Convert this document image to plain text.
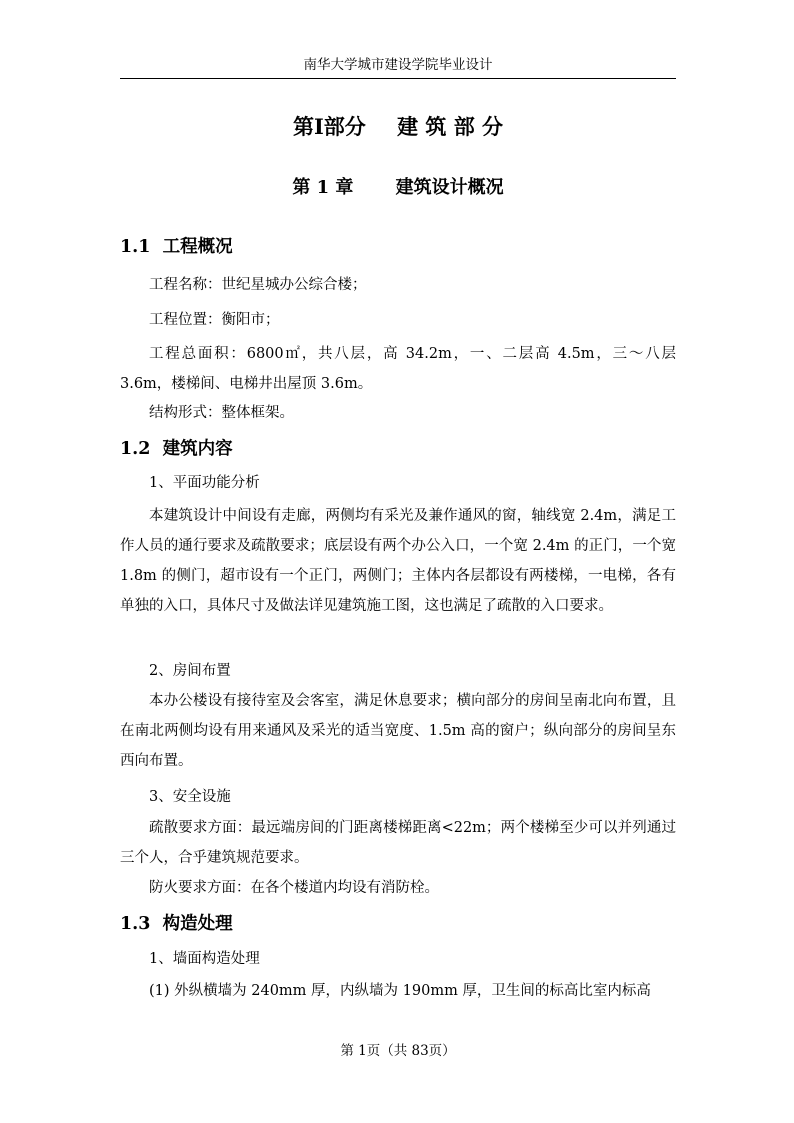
南华大学城市建设学院毕业设计
第Ⅰ部分 建 筑 部 分
第 1 章 建筑设计概况
1.1 工程概况
工程名称：世纪星城办公综合楼；
工程位置：衡阳市；

工程总面积：6800㎡，共八层，高 34.2m，一、二层高 4.5m，三～八层 3.6m，楼梯间、电梯井出屋顶 3.6m。

结构形式：整体框架。
1.2 建筑内容
1、平面功能分析

本建筑设计中间设有走廊，两侧均有采光及兼作通风的窗，轴线宽 2.4m，满足工作人员的通行要求及疏散要求；底层设有两个办公入口，一个宽 2.4m 的正门，一个宽 1.8m 的侧门，超市设有一个正门，两侧门；主体内各层都设有两楼梯，一电梯，各有单独的入口，具体尺寸及做法详见建筑施工图，这也满足了疏散的入口要求。

2、房间布置

本办公楼设有接待室及会客室，满足休息要求；横向部分的房间呈南北向布置，且在南北两侧均设有用来通风及采光的适当宽度、1.5m 高的窗户；纵向部分的房间呈东西向布置。

3、安全设施

疏散要求方面：最远端房间的门距离楼梯距离<22m；两个楼梯至少可以并列通过三个人，合乎建筑规范要求。

防火要求方面：在各个楼道内均设有消防栓。
1.3 构造处理
1、墙面构造处理
(1) 外纵横墙为 240mm 厚，内纵墙为 190mm 厚，卫生间的标高比室内标高
第 1页（共 83页）
